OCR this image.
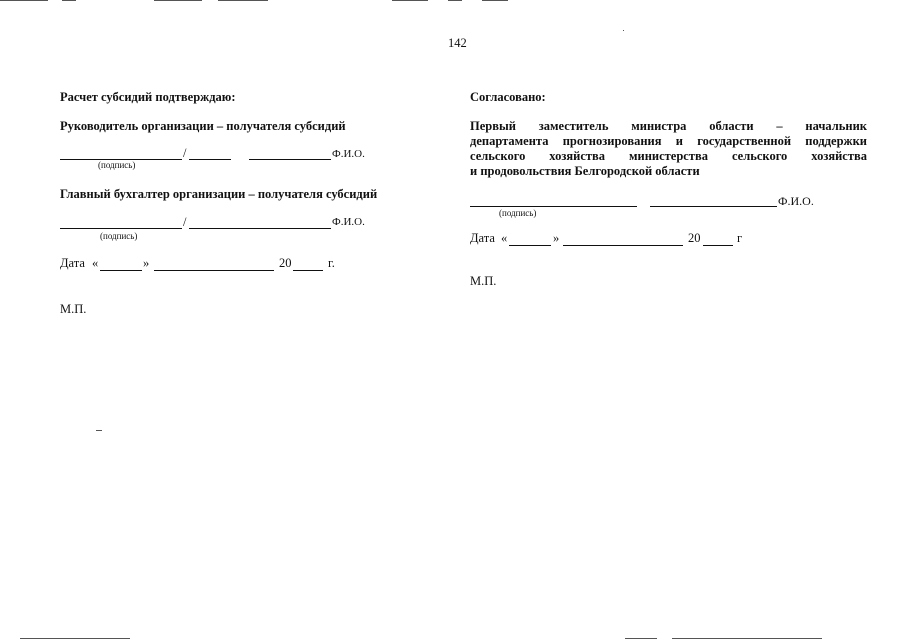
142
Расчет субсидий подтверждаю:
Руководитель организации – получателя субсидий
/	Ф.И.О.
(подпись)
Главный бухгалтер организации – получателя субсидий
/	Ф.И.О.
(подпись)
Дата «	»	20	г.
М.П.
Согласовано:
Первый заместитель министра области – начальник
департамента прогнозирования и государственной поддержки
сельского хозяйства министерства сельского хозяйства
и продовольствия Белгородской области
Ф.И.О.
(подпись)
Дата «	»	20	г
М.П.
